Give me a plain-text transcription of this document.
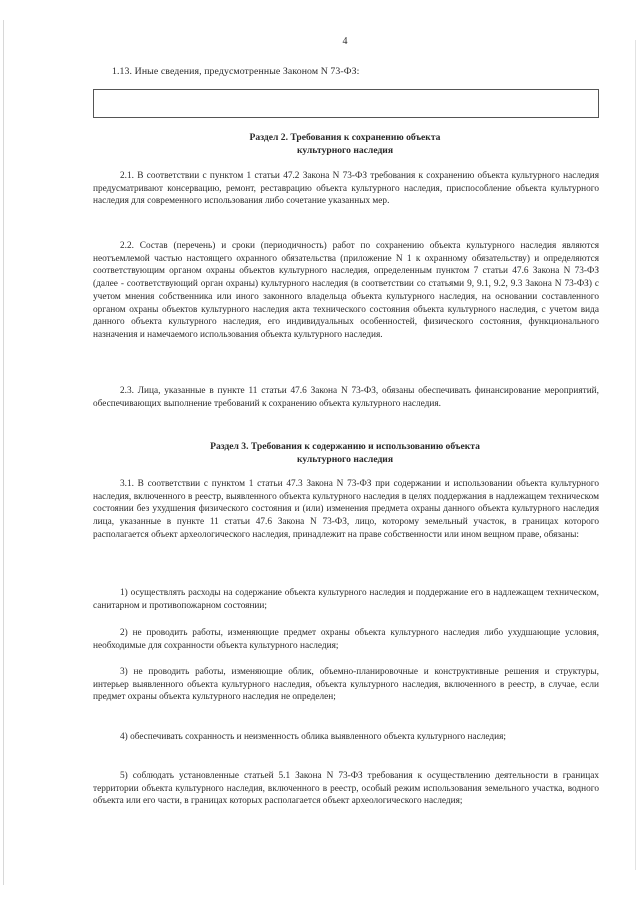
4
1.13. Иные сведения, предусмотренные Законом N 73-ФЗ:
Раздел 2. Требования к сохранению объекта
культурного наследия
2.1. В соответствии с пунктом 1 статьи 47.2 Закона N 73-ФЗ требования к сохранению объекта культурного наследия предусматривают консервацию, ремонт, реставрацию объекта культурного наследия, приспособление объекта культурного наследия для современного использования либо сочетание указанных мер.
2.2. Состав (перечень) и сроки (периодичность) работ по сохранению объекта культурного наследия являются неотъемлемой частью настоящего охранного обязательства (приложение N 1 к охранному обязательству) и определяются соответствующим органом охраны объектов культурного наследия, определенным пунктом 7 статьи 47.6 Закона N 73-ФЗ (далее - соответствующий орган охраны) культурного наследия (в соответствии со статьями 9, 9.1, 9.2, 9.3 Закона N 73-ФЗ) с учетом мнения собственника или иного законного владельца объекта культурного наследия, на основании составленного органом охраны объектов культурного наследия акта технического состояния объекта культурного наследия, с учетом вида данного объекта культурного наследия, его индивидуальных особенностей, физического состояния, функционального назначения и намечаемого использования объекта культурного наследия.
2.3. Лица, указанные в пункте 11 статьи 47.6 Закона N 73-ФЗ, обязаны обеспечивать финансирование мероприятий, обеспечивающих выполнение требований к сохранению объекта культурного наследия.
Раздел 3. Требования к содержанию и использованию объекта
культурного наследия
3.1. В соответствии с пунктом 1 статьи 47.3 Закона N 73-ФЗ при содержании и использовании объекта культурного наследия, включенного в реестр, выявленного объекта культурного наследия в целях поддержания в надлежащем техническом состоянии без ухудшения физического состояния и (или) изменения предмета охраны данного объекта культурного наследия лица, указанные в пункте 11 статьи 47.6 Закона N 73-ФЗ, лицо, которому земельный участок, в границах которого располагается объект археологического наследия, принадлежит на праве собственности или ином вещном праве, обязаны:
1) осуществлять расходы на содержание объекта культурного наследия и поддержание его в надлежащем техническом, санитарном и противопожарном состоянии;
2) не проводить работы, изменяющие предмет охраны объекта культурного наследия либо ухудшающие условия, необходимые для сохранности объекта культурного наследия;
3) не проводить работы, изменяющие облик, объемно-планировочные и конструктивные решения и структуры, интерьер выявленного объекта культурного наследия, объекта культурного наследия, включенного в реестр, в случае, если предмет охраны объекта культурного наследия не определен;
4) обеспечивать сохранность и неизменность облика выявленного объекта культурного наследия;
5) соблюдать установленные статьей 5.1 Закона N 73-ФЗ требования к осуществлению деятельности в границах территории объекта культурного наследия, включенного в реестр, особый режим использования земельного участка, водного объекта или его части, в границах которых располагается объект археологического наследия;
